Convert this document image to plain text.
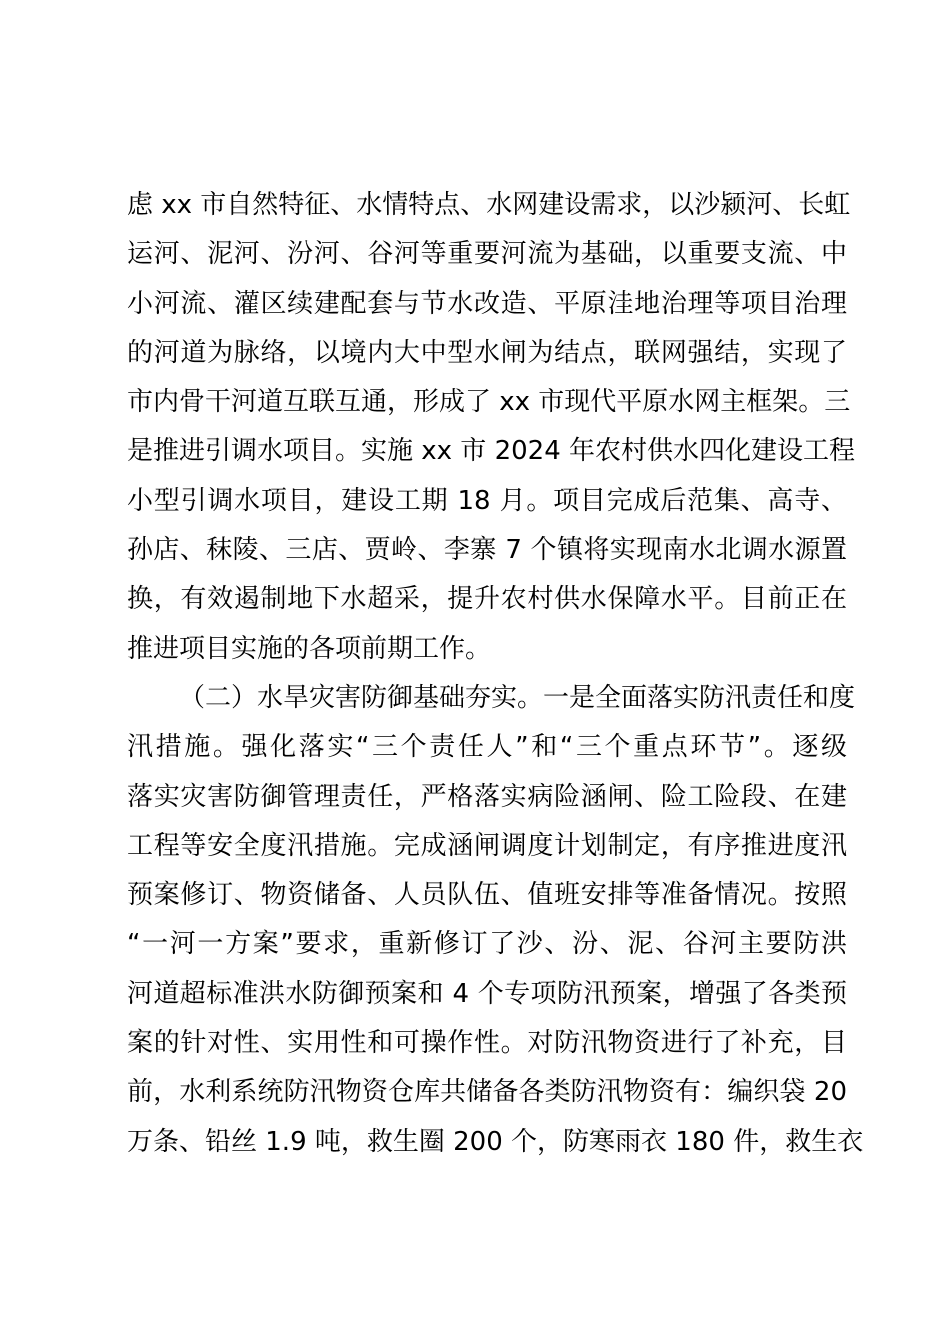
虑 xx 市自然特征、水情特点、水网建设需求，以沙颍河、长虹
运河、泥河、汾河、谷河等重要河流为基础，以重要支流、中
小河流、灌区续建配套与节水改造、平原洼地治理等项目治理
的河道为脉络，以境内大中型水闸为结点，联网强结，实现了
市内骨干河道互联互通，形成了 xx 市现代平原水网主框架。三
是推进引调水项目。实施 xx 市 2024 年农村供水四化建设工程
小型引调水项目，建设工期 18 月。项目完成后范集、高寺、
孙店、秣陵、三店、贾岭、李寨 7 个镇将实现南水北调水源置
换，有效遏制地下水超采，提升农村供水保障水平。目前正在
推进项目实施的各项前期工作。
（二）水旱灾害防御基础夯实。一是全面落实防汛责任和度
汛措施。强化落实“三个责任人”和“三个重点环节”。逐级
落实灾害防御管理责任，严格落实病险涵闸、险工险段、在建
工程等安全度汛措施。完成涵闸调度计划制定，有序推进度汛
预案修订、物资储备、人员队伍、值班安排等准备情况。按照
“一河一方案”要求，重新修订了沙、汾、泥、谷河主要防洪
河道超标准洪水防御预案和 4 个专项防汛预案，增强了各类预
案的针对性、实用性和可操作性。对防汛物资进行了补充，目
前，水利系统防汛物资仓库共储备各类防汛物资有：编织袋 20
万条、铅丝 1.9 吨，救生圈 200 个，防寒雨衣 180 件，救生衣
